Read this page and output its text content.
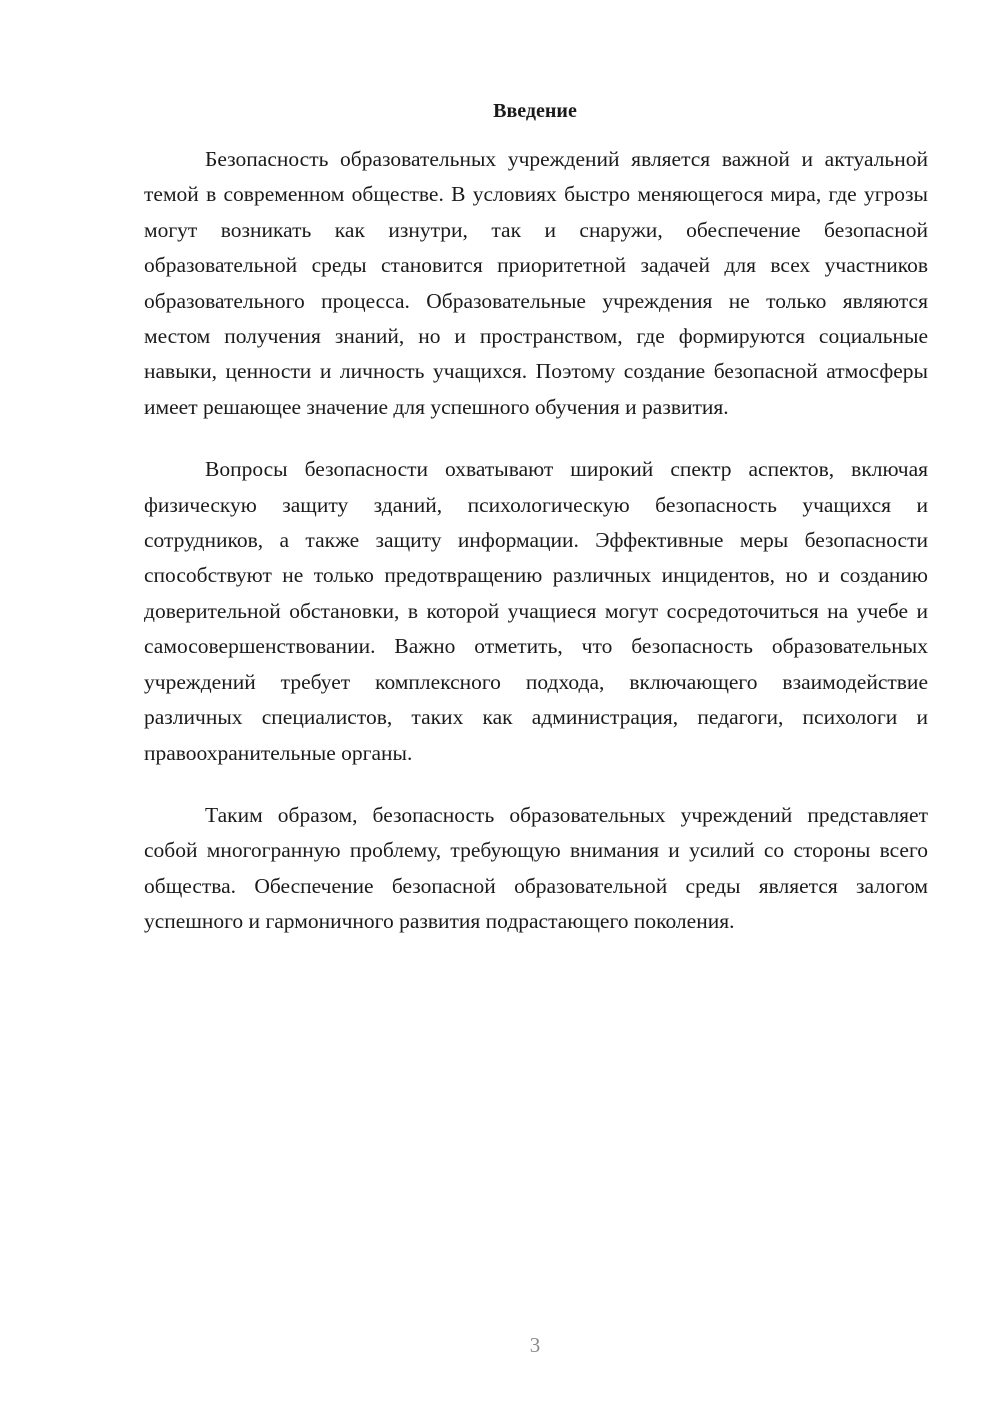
Введение

Безопасность образовательных учреждений является важной и актуальной темой в современном обществе. В условиях быстро меняющегося мира, где угрозы могут возникать как изнутри, так и снаружи, обеспечение безопасной образовательной среды становится приоритетной задачей для всех участников образовательного процесса. Образовательные учреждения не только являются местом получения знаний, но и пространством, где формируются социальные навыки, ценности и личность учащихся. Поэтому создание безопасной атмосферы имеет решающее значение для успешного обучения и развития.

Вопросы безопасности охватывают широкий спектр аспектов, включая физическую защиту зданий, психологическую безопасность учащихся и сотрудников, а также защиту информации. Эффективные меры безопасности способствуют не только предотвращению различных инцидентов, но и созданию доверительной обстановки, в которой учащиеся могут сосредоточиться на учебе и самосовершенствовании. Важно отметить, что безопасность образовательных учреждений требует комплексного подхода, включающего взаимодействие различных специалистов, таких как администрация, педагоги, психологи и правоохранительные органы.

Таким образом, безопасность образовательных учреждений представляет собой многогранную проблему, требующую внимания и усилий со стороны всего общества. Обеспечение безопасной образовательной среды является залогом успешного и гармоничного развития подрастающего поколения.

3
